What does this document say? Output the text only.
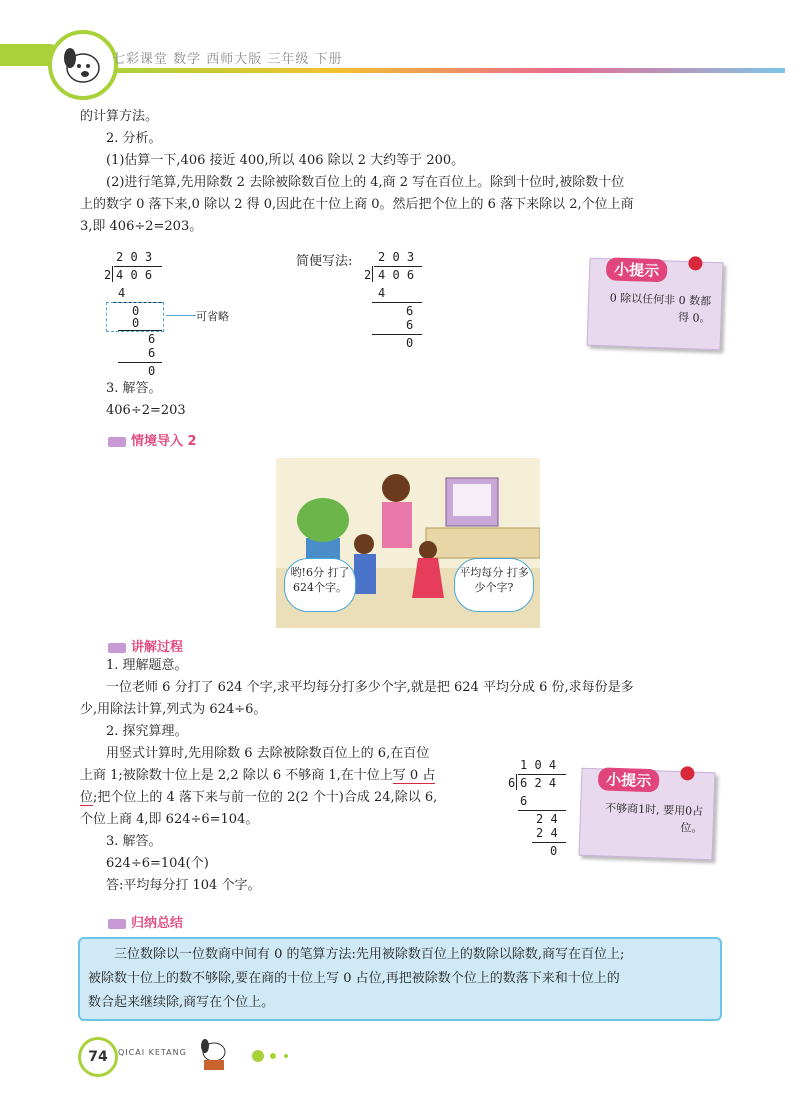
七彩课堂 数学 西师大版 三年级 下册
的计算方法。
2. 分析。
(1)估算一下,406 接近 400,所以 406 除以 2 大约等于 200。
(2)进行笔算,先用除数 2 去除被除数百位上的 4,商 2 写在百位上。除到十位时,被除数十位
上的数字 0 落下来,0 除以 2 得 0,因此在十位上商 0。然后把个位上的 6 落下来除以 2,个位上商
3,即 406÷2=203。
2 0 3
2 4 0 6
4
0
0
6
6
0
可省略
简便写法: 2 0 3
2 4 0 6
4
6
6
0
小提示
0 除以任何非 0 数都得 0。
3. 解答。
406÷2=203
情境导入 2
哟!6分 打了624个字。
平均每分 打多少个字?
讲解过程
1. 理解题意。
一位老师 6 分打了 624 个字,求平均每分打多少个字,就是把 624 平均分成 6 份,求每份是多
少,用除法计算,列式为 624÷6。
2. 探究算理。
用竖式计算时,先用除数 6 去除被除数百位上的 6,在百位
上商 1;被除数十位上是 2,2 除以 6 不够商 1,在十位上写 0 占
位;把个位上的 4 落下来与前一位的 2(2 个十)合成 24,除以 6,
个位上商 4,即 624÷6=104。
3. 解答。
624÷6=104(个)
答:平均每分打 104 个字。
1 0 4
6 6 2 4
6
2 4
2 4
0
小提示
不够商1时, 要用0占位。
归纳总结
三位数除以一位数商中间有 0 的笔算方法:先用被除数百位上的数除以除数,商写在百位上;
被除数十位上的数不够除,要在商的十位上写 0 占位,再把被除数个位上的数落下来和十位上的
数合起来继续除,商写在个位上。
74	QICAI KETANG
